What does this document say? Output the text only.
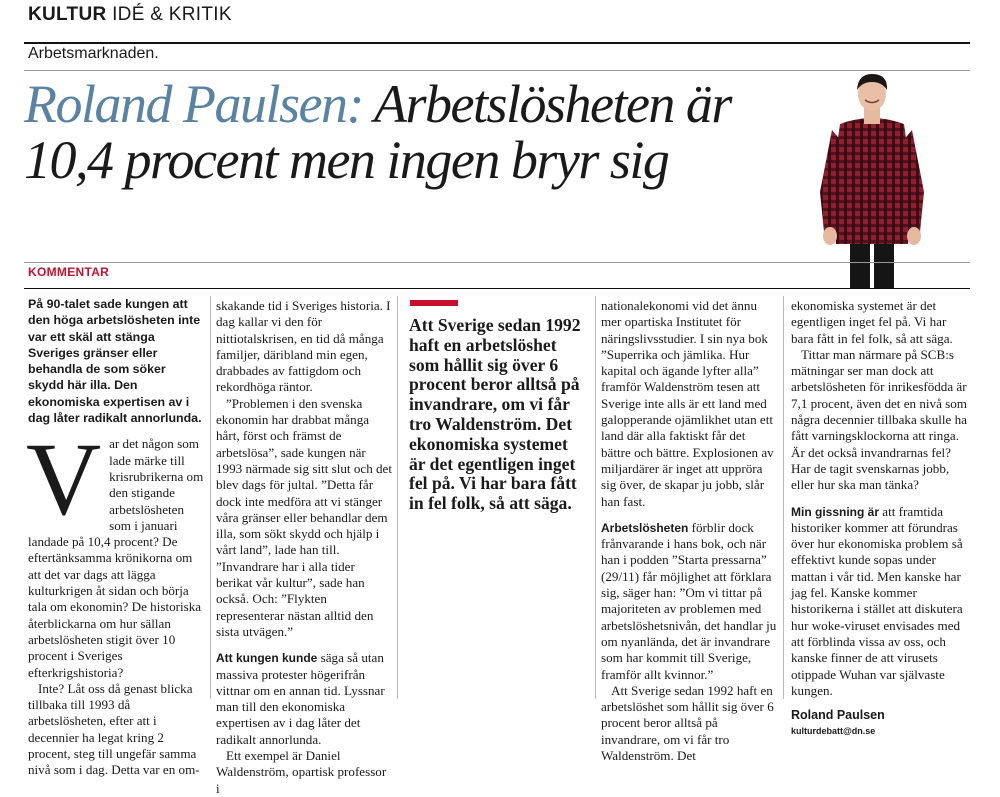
KULTUR IDÉ & KRITIK
Arbetsmarknaden.
Roland Paulsen: Arbetslösheten är 10,4 procent men ingen bryr sig
KOMMENTAR

På 90-talet sade kungen att den höga arbetslösheten inte var ett skäl att stänga Sveriges gränser eller behandla de som söker skydd här illa. Den ekonomiska expertisen av i dag låter radikalt annorlunda.

Var det någon som lade märke till krisrubrikerna om den stigande arbetslösheten som i januari landade på 10,4 procent? De eftertänksamma krönikorna om att det var dags att lägga kulturkrigen åt sidan och börja tala om ekonomin? De historiska återblickarna om hur sällan arbetslösheten stigit över 10 procent i Sveriges efterkrigshistoria?

Inte? Låt oss då genast blicka tillbaka till 1993 då arbetslösheten, efter att i decennier ha legat kring 2 procent, steg till ungefär samma nivå som i dag. Detta var en om-

skakande tid i Sveriges historia. I dag kallar vi den för nittiotalskrisen, en tid då många familjer, däribland min egen, drabbades av fattigdom och rekordhöga räntor.

”Problemen i den svenska ekonomin har drabbat många hårt, först och främst de arbetslösa”, sade kungen när 1993 närmade sig sitt slut och det blev dags för jultal. ”Detta får dock inte medföra att vi stänger våra gränser eller behandlar dem illa, som sökt skydd och hjälp i vårt land”, lade han till. ”Invandrare har i alla tider berikat vår kultur”, sade han också. Och: ”Flykten representerar nästan alltid den sista utvägen.”

Att kungen kunde säga så utan massiva protester högerifrån vittnar om en annan tid. Lyssnar man till den ekonomiska expertisen av i dag låter det radikalt annorlunda.

Ett exempel är Daniel Waldenström, opartisk professor i

Att Sverige sedan 1992 haft en arbetslöshet som hållit sig över 6 procent beror alltså på invandrare, om vi får tro Waldenström. Det ekonomiska systemet är det egentligen inget fel på. Vi har bara fått in fel folk, så att säga.

nationalekonomi vid det ännu mer opartiska Institutet för näringslivsstudier. I sin nya bok ”Superrika och jämlika. Hur kapital och ägande lyfter alla” framför Waldenström tesen att Sverige inte alls är ett land med galopperande ojämlikhet utan ett land där alla faktiskt får det bättre och bättre. Explosionen av miljardärer är inget att uppröra sig över, de skapar ju jobb, slår han fast.

Arbetslösheten förblir dock frånvarande i hans bok, och när han i podden ”Starta pressarna” (29/11) får möjlighet att förklara sig, säger han: ”Om vi tittar på majoriteten av problemen med arbetslöshetsnivån, det handlar ju om nyanlända, det är invandrare som har kommit till Sverige, framför allt kvinnor.”

Att Sverige sedan 1992 haft en arbetslöshet som hållit sig över 6 procent beror alltså på invandrare, om vi får tro Waldenström. Det

ekonomiska systemet är det egentligen inget fel på. Vi har bara fått in fel folk, så att säga.

Tittar man närmare på SCB:s mätningar ser man dock att arbetslösheten för inrikesfödda är 7,1 procent, även det en nivå som några decennier tillbaka skulle ha fått varningsklockorna att ringa. Är det också invandrarnas fel? Har de tagit svenskarnas jobb, eller hur ska man tänka?

Min gissning är att framtida historiker kommer att förundras över hur ekonomiska problem så effektivt kunde sopas under mattan i vår tid. Men kanske har jag fel. Kanske kommer historikerna i stället att diskutera hur woke-viruset envisades med att förblinda vissa av oss, och kanske finner de att virusets otippade Wuhan var självaste kungen.

Roland Paulsen

kulturdebatt@dn.se
